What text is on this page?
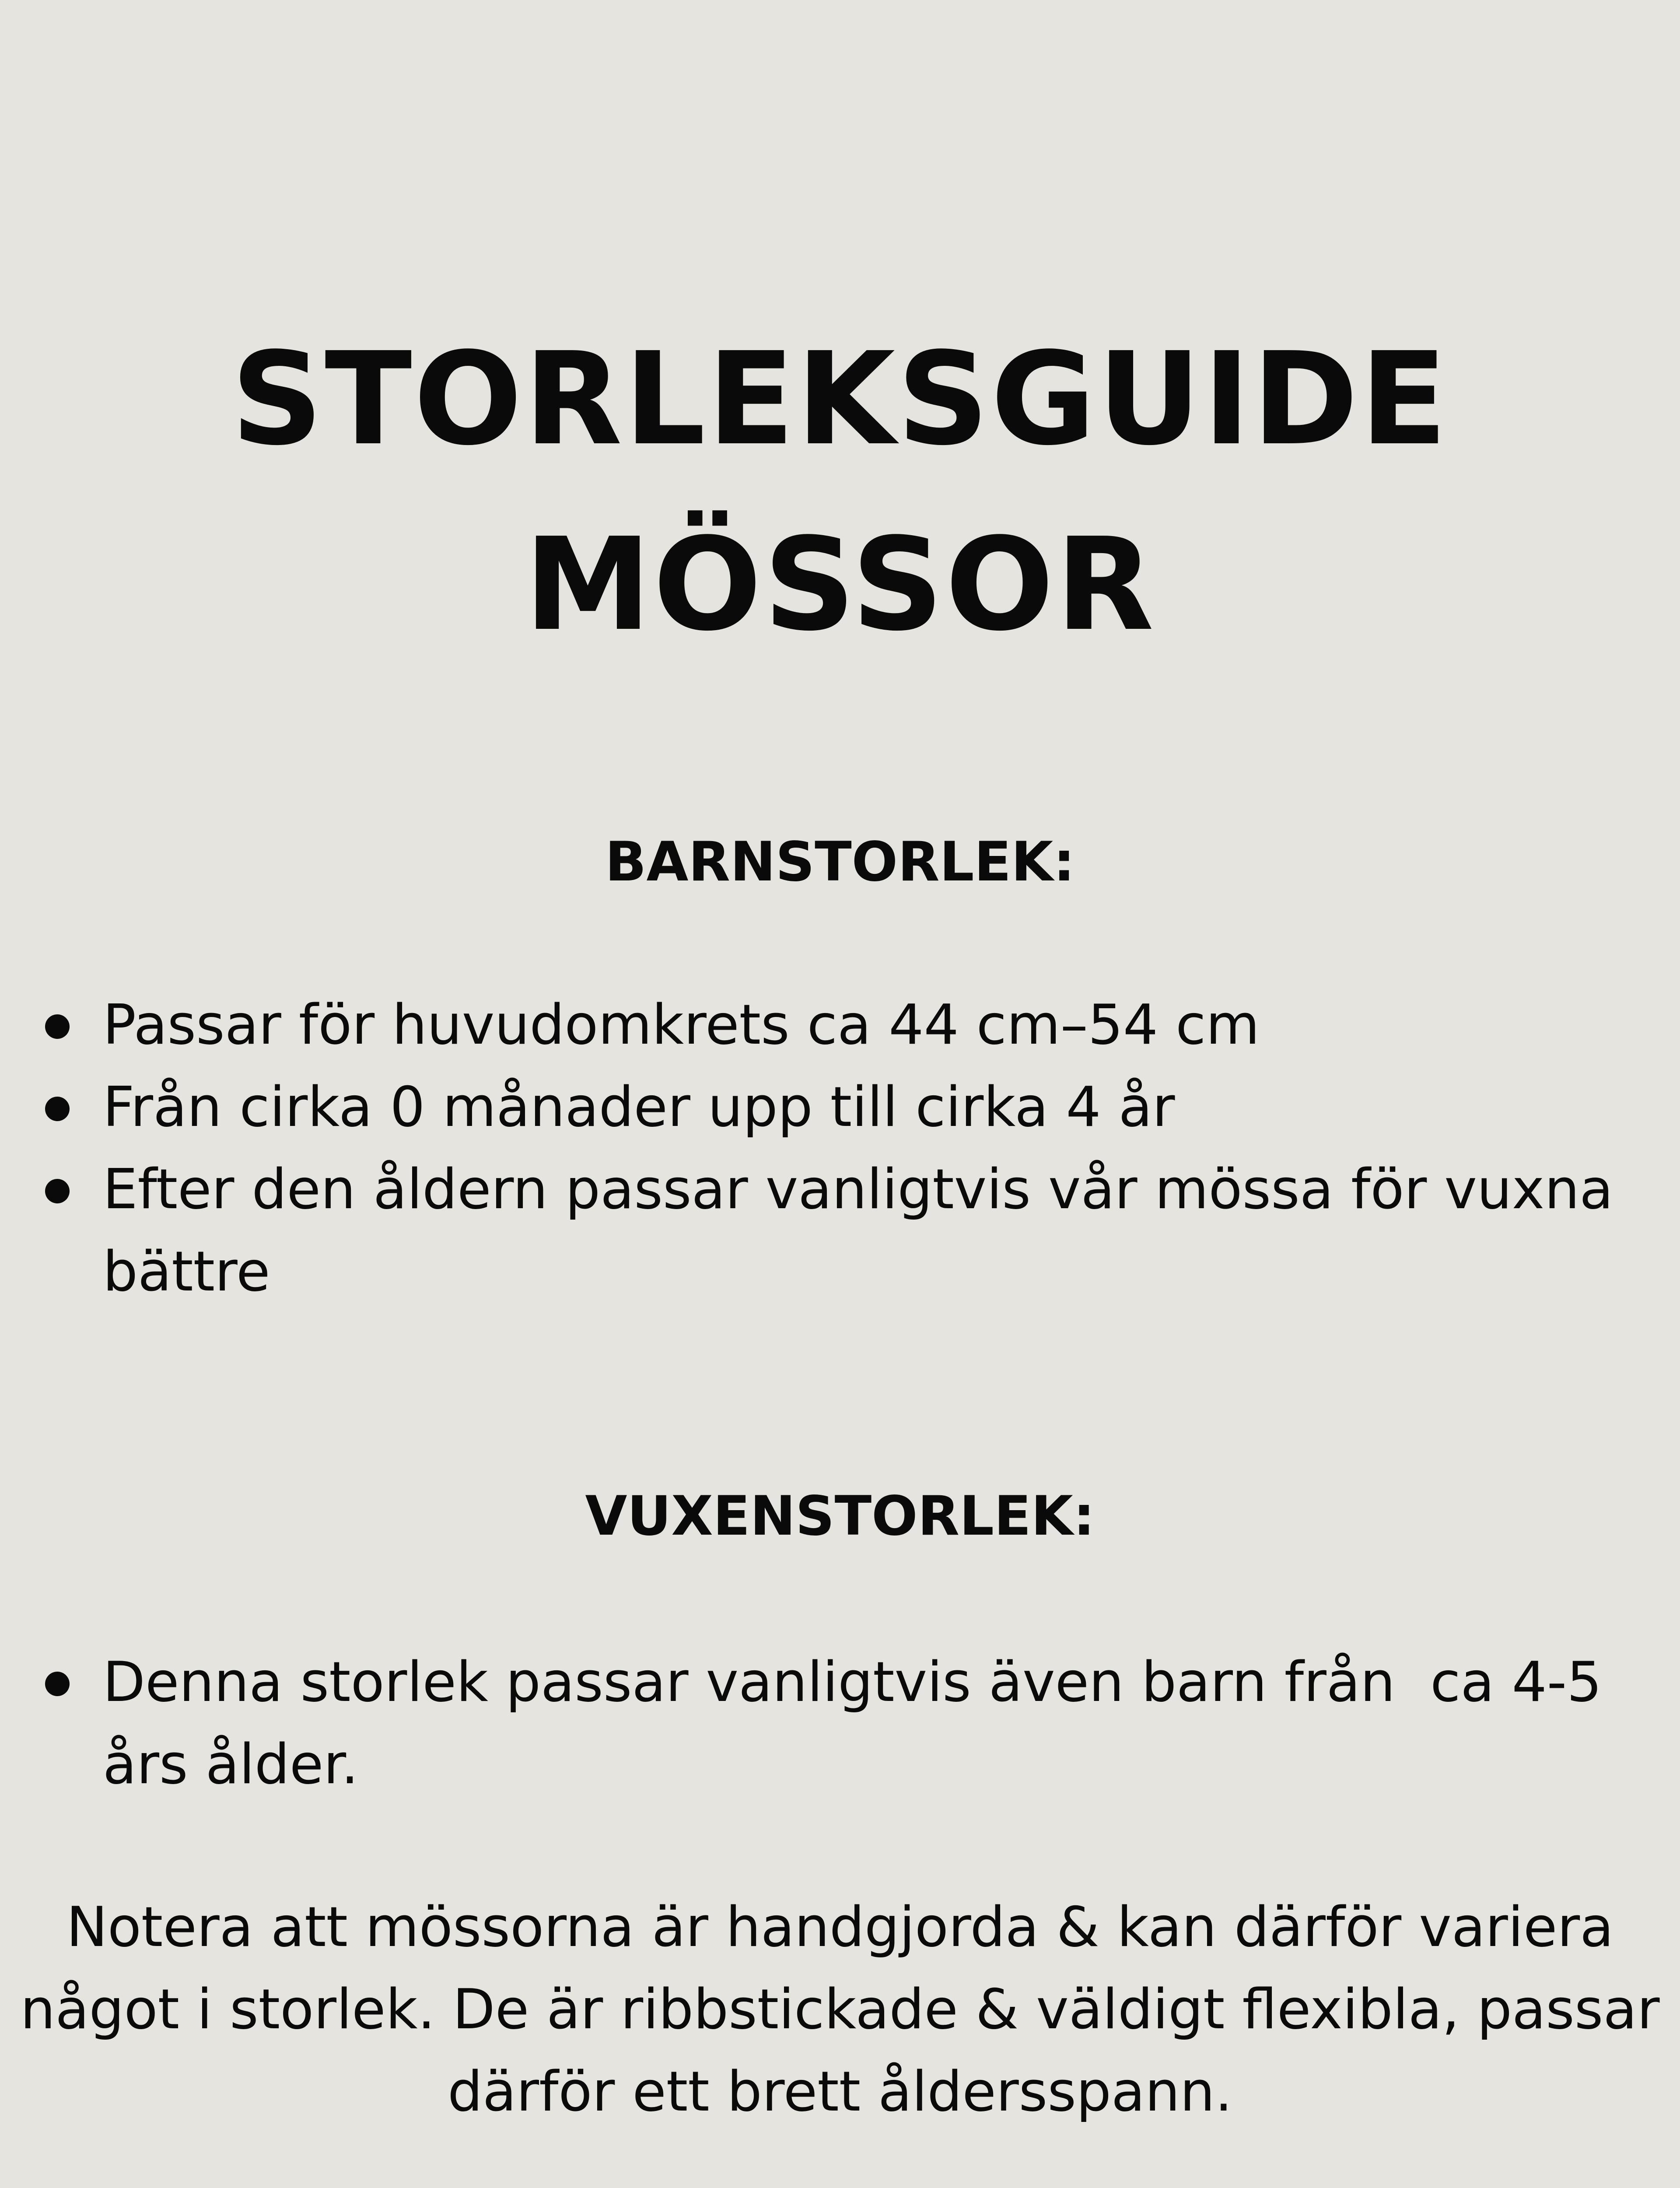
STORLEKSGUIDE
MÖSSOR
BARNSTORLEK:
Passar för huvudomkrets ca 44 cm–54 cm
Från cirka 0 månader upp till cirka 4 år
Efter den åldern passar vanligtvis vår mössa för vuxna bättre
VUXENSTORLEK:
Denna storlek passar vanligtvis även barn från  ca 4-5 års ålder.

Notera att mössorna är handgjorda & kan därför variera något i storlek. De är ribbstickade & väldigt flexibla, passar därför ett brett åldersspann.
